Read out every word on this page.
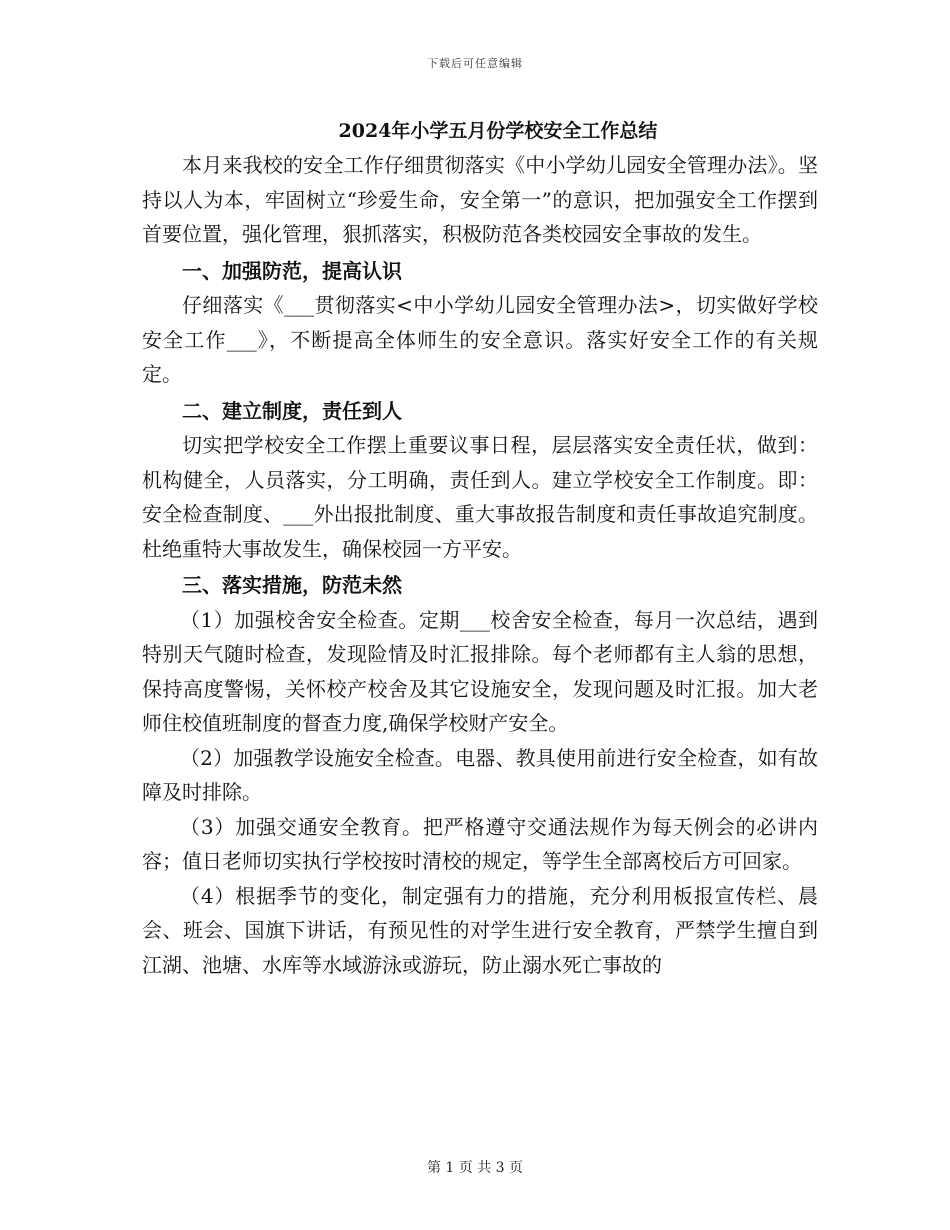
下载后可任意编辑
2024年小学五月份学校安全工作总结

本月来我校的安全工作仔细贯彻落实《中小学幼儿园安全管理办法》。坚持以人为本，牢固树立“珍爱生命，安全第一”的意识，把加强安全工作摆到首要位置，强化管理，狠抓落实，积极防范各类校园安全事故的发生。

一、加强防范，提高认识

仔细落实《___贯彻落实<中小学幼儿园安全管理办法>，切实做好学校安全工作___》，不断提高全体师生的安全意识。落实好安全工作的有关规定。

二、建立制度，责任到人

切实把学校安全工作摆上重要议事日程，层层落实安全责任状，做到：机构健全，人员落实，分工明确，责任到人。建立学校安全工作制度。即：安全检查制度、___外出报批制度、重大事故报告制度和责任事故追究制度。杜绝重特大事故发生，确保校园一方平安。

三、落实措施，防范未然

（1）加强校舍安全检查。定期___校舍安全检查，每月一次总结，遇到特别天气随时检查，发现险情及时汇报排除。每个老师都有主人翁的思想，保持高度警惕，关怀校产校舍及其它设施安全，发现问题及时汇报。加大老师住校值班制度的督查力度,确保学校财产安全。

（2）加强教学设施安全检查。电器、教具使用前进行安全检查，如有故障及时排除。

（3）加强交通安全教育。把严格遵守交通法规作为每天例会的必讲内容；值日老师切实执行学校按时清校的规定，等学生全部离校后方可回家。

（4）根据季节的变化，制定强有力的措施，充分利用板报宣传栏、晨会、班会、国旗下讲话，有预见性的对学生进行安全教育，严禁学生擅自到江湖、池塘、水库等水域游泳或游玩，防止溺水死亡事故的

第 1 页 共 3 页
